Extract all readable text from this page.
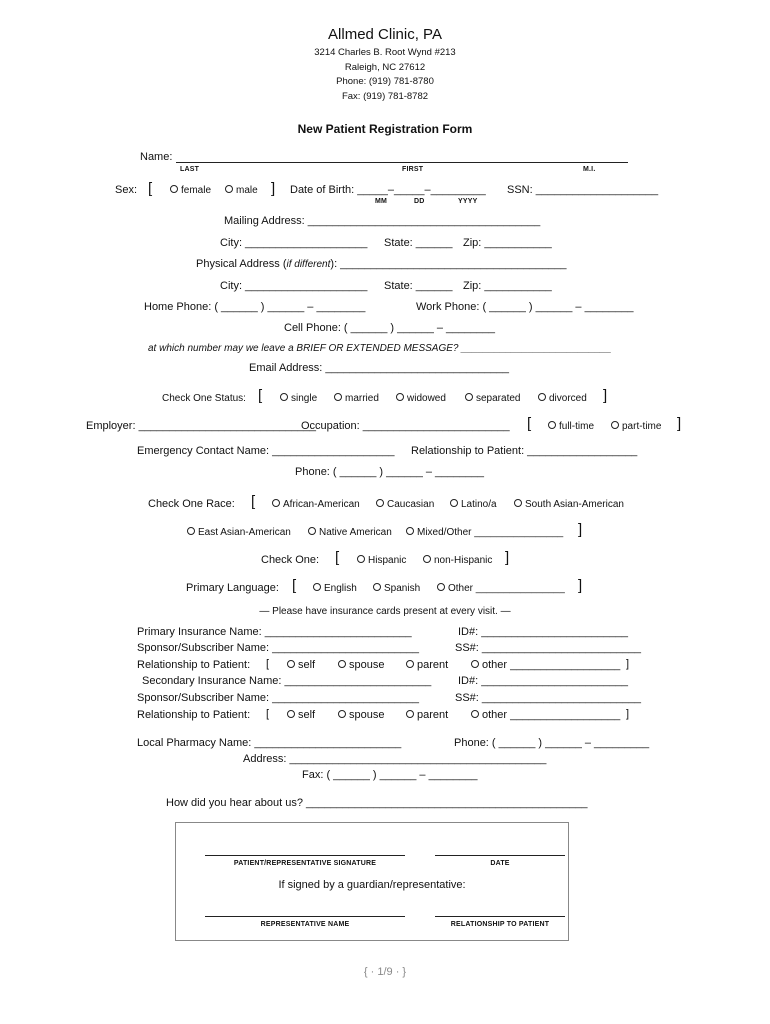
Allmed Clinic, PA
3214 Charles B. Root Wynd #213
Raleigh, NC 27612
Phone: (919) 781-8780
Fax: (919) 781-8782
New Patient Registration Form
Name:
LAST	FIRST	M.I.
Sex: [	female	male ] Date of Birth: _____–_____–_________
MM	DD	YYYY
SSN: ____________________
Mailing Address: ______________________________________
City: ____________________ State: ______ Zip: ___________
Physical Address (if different): _____________________________________
City: ____________________ State: ______ Zip: ___________
Home Phone: ( ______ ) ______ – ________	Work Phone: ( ______ ) ______ – ________
Cell Phone: ( ______ ) ______ – ________
at which number may we leave a BRIEF OR EXTENDED MESSAGE? ___________________________
Email Address: ______________________________
Check One Status: [	single	married	widowed	separated	divorced ]
Employer: _____________________________
Occupation: ________________________ [	full-time	part-time ]
Emergency Contact Name: ____________________ Relationship to Patient: __________________
Phone: ( ______ ) ______ – ________
Check One Race: [	African-American	Caucasian	Latino/a	South Asian-American
East Asian-American	Native American	Mixed/Other ________________ ]
Check One: [	Hispanic	non-Hispanic ]
Primary Language: [	English	Spanish	Other ________________ ]
— Please have insurance cards present at every visit. —
Primary Insurance Name: ________________________	ID#: ________________________
Sponsor/Subscriber Name: ________________________	SS#: __________________________
Relationship to Patient: [	self	spouse	parent	other __________________ ]
Secondary Insurance Name: ________________________ ID#: ________________________
Sponsor/Subscriber Name: ________________________	SS#: __________________________
Relationship to Patient: [	self	spouse	parent	other __________________ ]
Local Pharmacy Name: ________________________	Phone: ( ______ ) ______ – _________
Address: __________________________________________
Fax: ( ______ ) ______ – ________
How did you hear about us? ______________________________________________
PATIENT/REPRESENTATIVE SIGNATURE	DATE
If signed by a guardian/representative:
REPRESENTATIVE NAME	RELATIONSHIP TO PATIENT
{ · 1/9 · }
